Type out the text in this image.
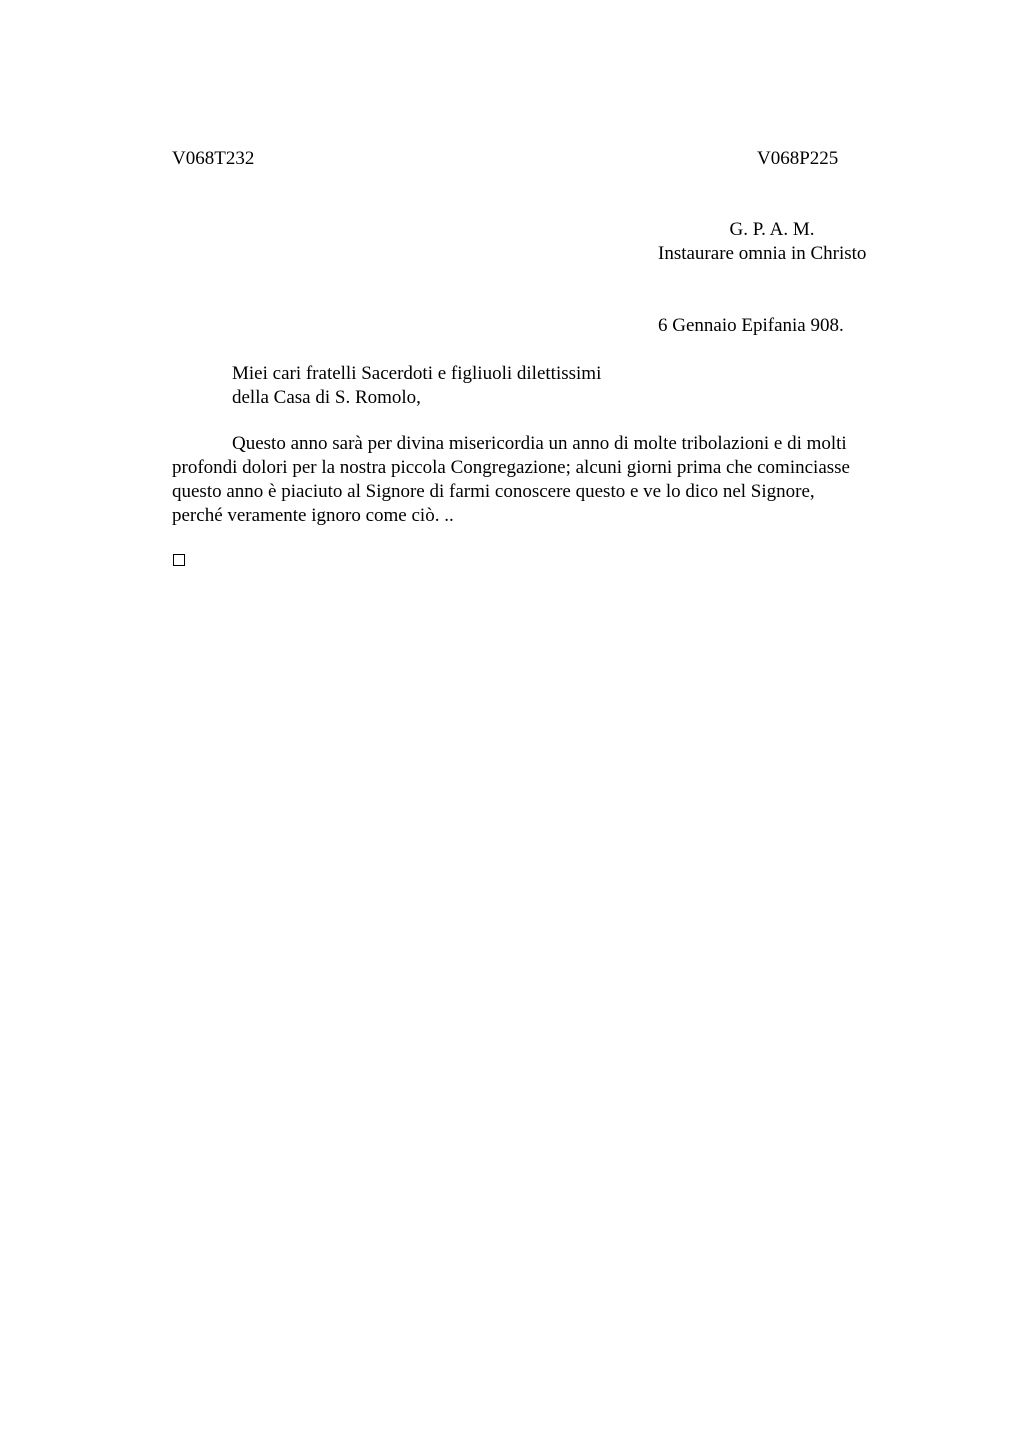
V068T232	V068P225
G. P. A. M.
Instaurare omnia in Christo
6 Gennaio Epifania 908.
Miei cari fratelli Sacerdoti e figliuoli dilettissimi
della Casa di S. Romolo,
Questo anno sarà per divina misericordia un anno di molte tribolazioni e di molti
profondi dolori per la nostra piccola Congregazione; alcuni giorni prima che cominciasse
questo anno è piaciuto al Signore di farmi conoscere questo e ve lo dico nel Signore,
perché veramente ignoro come ciò. ..
